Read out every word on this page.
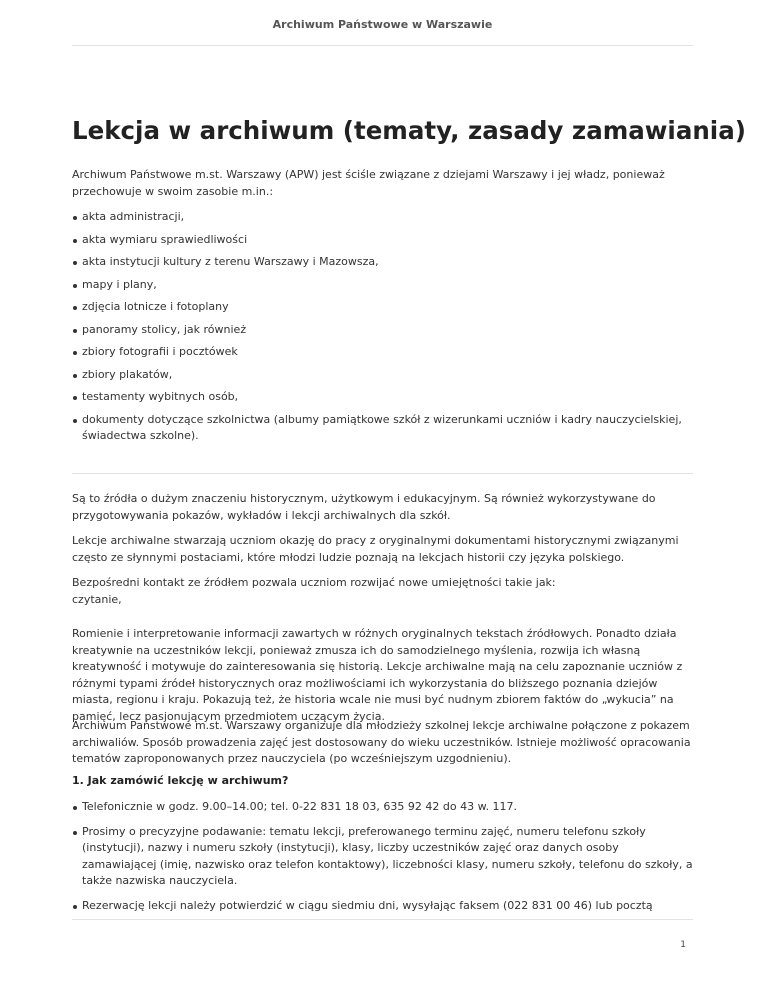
Archiwum Państwowe w Warszawie
Lekcja w archiwum (tematy, zasady zamawiania)

Archiwum Państwowe m.st. Warszawy (APW) jest ściśle związane z dziejami Warszawy i jej władz, ponieważ przechowuje w swoim zasobie m.in.:

akta administracji,
akta wymiaru sprawiedliwości
akta instytucji kultury z terenu Warszawy i Mazowsza,
mapy i plany,
zdjęcia lotnicze i fotoplany
panoramy stolicy, jak również
zbiory fotografii i pocztówek
zbiory plakatów,
testamenty wybitnych osób,
dokumenty dotyczące szkolnictwa (albumy pamiątkowe szkół z wizerunkami uczniów i kadry nauczycielskiej, świadectwa szkolne).

Są to źródła o dużym znaczeniu historycznym, użytkowym i edukacyjnym. Są również wykorzystywane do przygotowywania pokazów, wykładów i lekcji archiwalnych dla szkół.

Lekcje archiwalne stwarzają uczniom okazję do pracy z oryginalnymi dokumentami historycznymi związanymi często ze słynnymi postaciami, które młodzi ludzie poznają na lekcjach historii czy języka polskiego.

Bezpośredni kontakt ze źródłem pozwala uczniom rozwijać nowe umiejętności takie jak:
czytanie,

Romienie i interpretowanie informacji zawartych w różnych oryginalnych tekstach źródłowych. Ponadto działa kreatywnie na uczestników lekcji, ponieważ zmusza ich do samodzielnego myślenia, rozwija ich własną kreatywność i motywuje do zainteresowania się historią. Lekcje archiwalne mają na celu zapoznanie uczniów z różnymi typami źródeł historycznych oraz możliwościami ich wykorzystania do bliższego poznania dziejów miasta, regionu i kraju. Pokazują też, że historia wcale nie musi być nudnym zbiorem faktów do „wykucia” na pamięć, lecz pasjonującym przedmiotem uczącym życia.

Archiwum Państwowe m.st. Warszawy organizuje dla młodzieży szkolnej lekcje archiwalne połączone z pokazem archiwaliów. Sposób prowadzenia zajęć jest dostosowany do wieku uczestników. Istnieje możliwość opracowania tematów zaproponowanych przez nauczyciela (po wcześniejszym uzgodnieniu).

1. Jak zamówić lekcję w archiwum?

Telefonicznie w godz. 9.00–14.00; tel. 0-22 831 18 03, 635 92 42 do 43 w. 117.
Prosimy o precyzyjne podawanie: tematu lekcji, preferowanego terminu zajęć, numeru telefonu szkoły (instytucji), nazwy i numeru szkoły (instytucji), klasy, liczby uczestników zajęć oraz danych osoby zamawiającej (imię, nazwisko oraz telefon kontaktowy), liczebności klasy, numeru szkoły, telefonu do szkoły, a także nazwiska nauczyciela.
Rezerwację lekcji należy potwierdzić w ciągu siedmiu dni, wysyłając faksem (022 831 00 46) lub pocztą
1
